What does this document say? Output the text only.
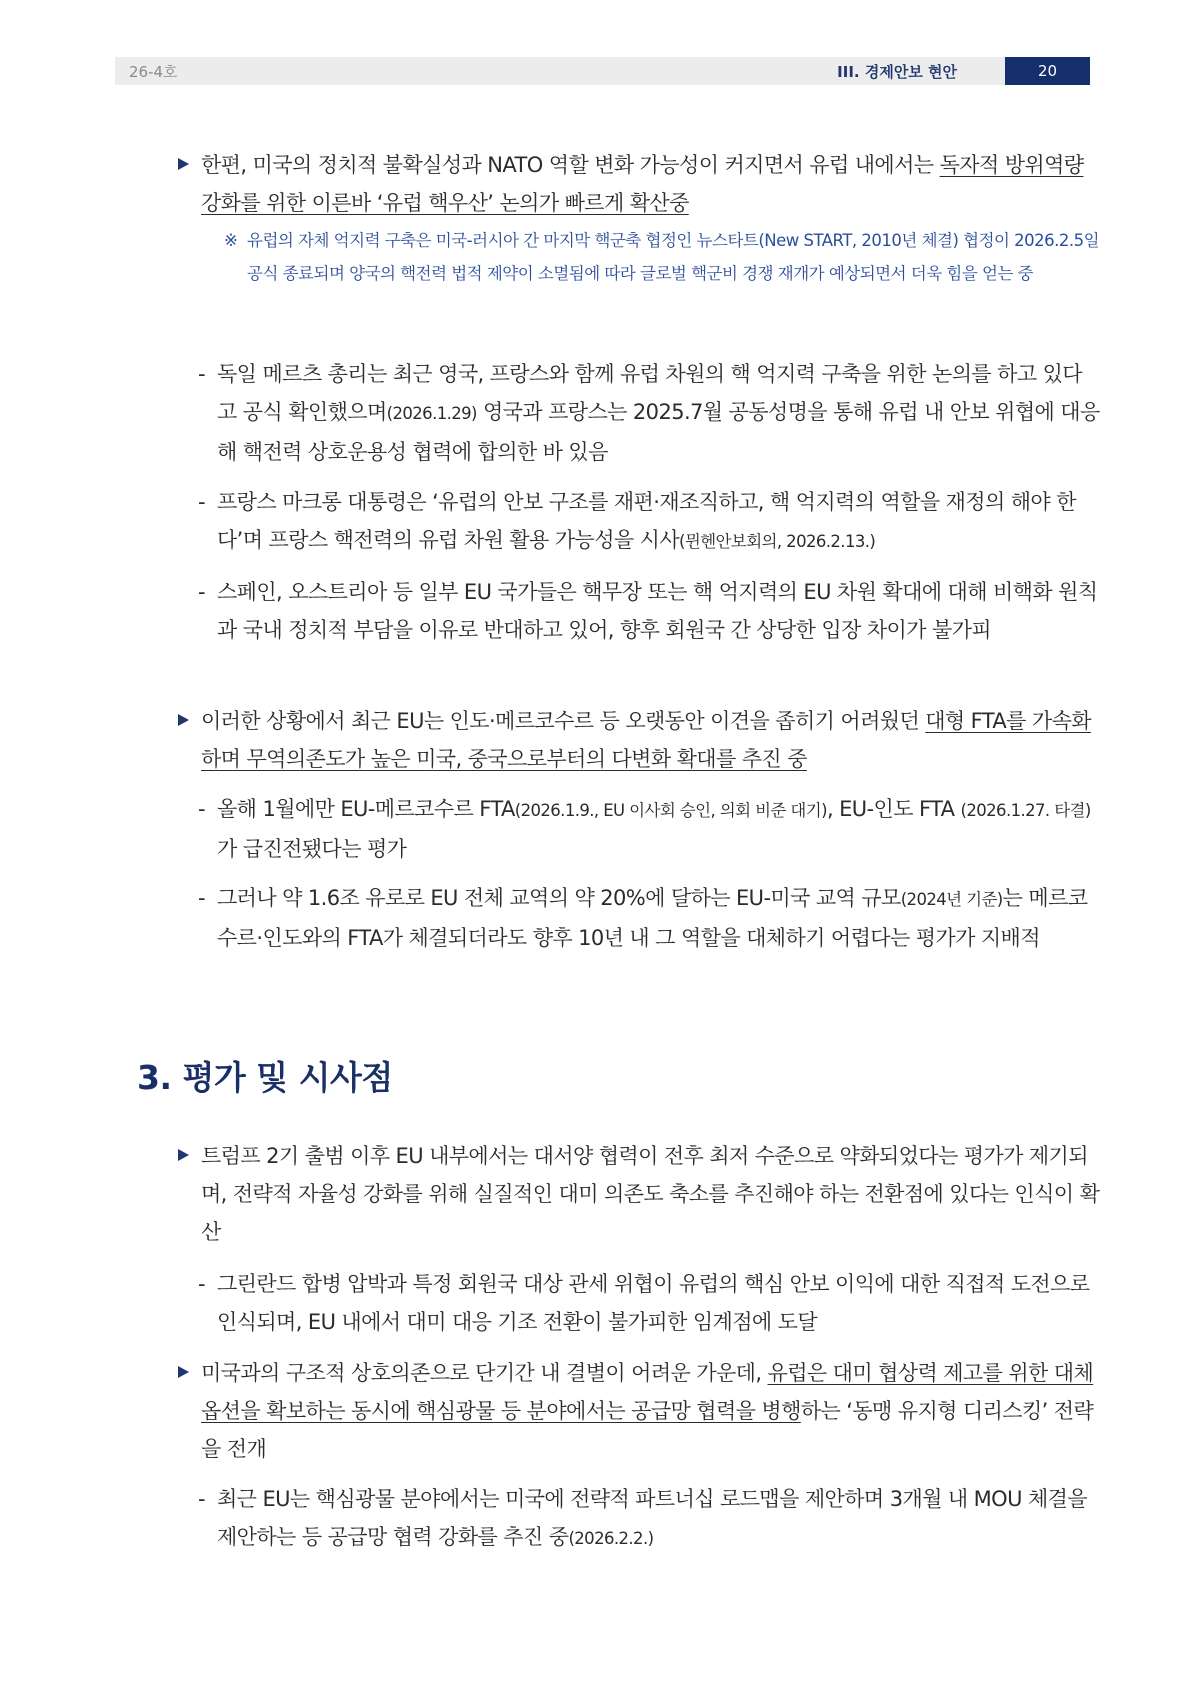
26-4호	III. 경제안보 현안	20
한편, 미국의 정치적 불확실성과 NATO 역할 변화 가능성이 커지면서 유럽 내에서는 독자적 방위역량 강화를 위한 이른바 ‘유럽 핵우산’ 논의가 빠르게 확산중
※ 유럽의 자체 억지력 구축은 미국-러시아 간 마지막 핵군축 협정인 뉴스타트(New START, 2010년 체결) 협정이 2026.2.5일 공식 종료되며 양국의 핵전력 법적 제약이 소멸됨에 따라 글로벌 핵군비 경쟁 재개가 예상되면서 더욱 힘을 얻는 중
- 독일 메르츠 총리는 최근 영국, 프랑스와 함께 유럽 차원의 핵 억지력 구축을 위한 논의를 하고 있다고 공식 확인했으며(2026.1.29) 영국과 프랑스는 2025.7월 공동성명을 통해 유럽 내 안보 위협에 대응해 핵전력 상호운용성 협력에 합의한 바 있음
- 프랑스 마크롱 대통령은 ‘유럽의 안보 구조를 재편·재조직하고, 핵 억지력의 역할을 재정의 해야 한다’며 프랑스 핵전력의 유럽 차원 활용 가능성을 시사(뮌헨안보회의, 2026.2.13.)
- 스페인, 오스트리아 등 일부 EU 국가들은 핵무장 또는 핵 억지력의 EU 차원 확대에 대해 비핵화 원칙과 국내 정치적 부담을 이유로 반대하고 있어, 향후 회원국 간 상당한 입장 차이가 불가피
이러한 상황에서 최근 EU는 인도·메르코수르 등 오랫동안 이견을 좁히기 어려웠던 대형 FTA를 가속화하며 무역의존도가 높은 미국, 중국으로부터의 다변화 확대를 추진 중
- 올해 1월에만 EU-메르코수르 FTA(2026.1.9., EU 이사회 승인, 의회 비준 대기), EU-인도 FTA (2026.1.27. 타결)가 급진전됐다는 평가
- 그러나 약 1.6조 유로로 EU 전체 교역의 약 20%에 달하는 EU-미국 교역 규모(2024년 기준)는 메르코수르·인도와의 FTA가 체결되더라도 향후 10년 내 그 역할을 대체하기 어렵다는 평가가 지배적
3. 평가 및 시사점
트럼프 2기 출범 이후 EU 내부에서는 대서양 협력이 전후 최저 수준으로 약화되었다는 평가가 제기되며, 전략적 자율성 강화를 위해 실질적인 대미 의존도 축소를 추진해야 하는 전환점에 있다는 인식이 확산
- 그린란드 합병 압박과 특정 회원국 대상 관세 위협이 유럽의 핵심 안보 이익에 대한 직접적 도전으로 인식되며, EU 내에서 대미 대응 기조 전환이 불가피한 임계점에 도달
미국과의 구조적 상호의존으로 단기간 내 결별이 어려운 가운데, 유럽은 대미 협상력 제고를 위한 대체 옵션을 확보하는 동시에 핵심광물 등 분야에서는 공급망 협력을 병행하는 ‘동맹 유지형 디리스킹’ 전략을 전개
- 최근 EU는 핵심광물 분야에서는 미국에 전략적 파트너십 로드맵을 제안하며 3개월 내 MOU 체결을 제안하는 등 공급망 협력 강화를 추진 중(2026.2.2.)
